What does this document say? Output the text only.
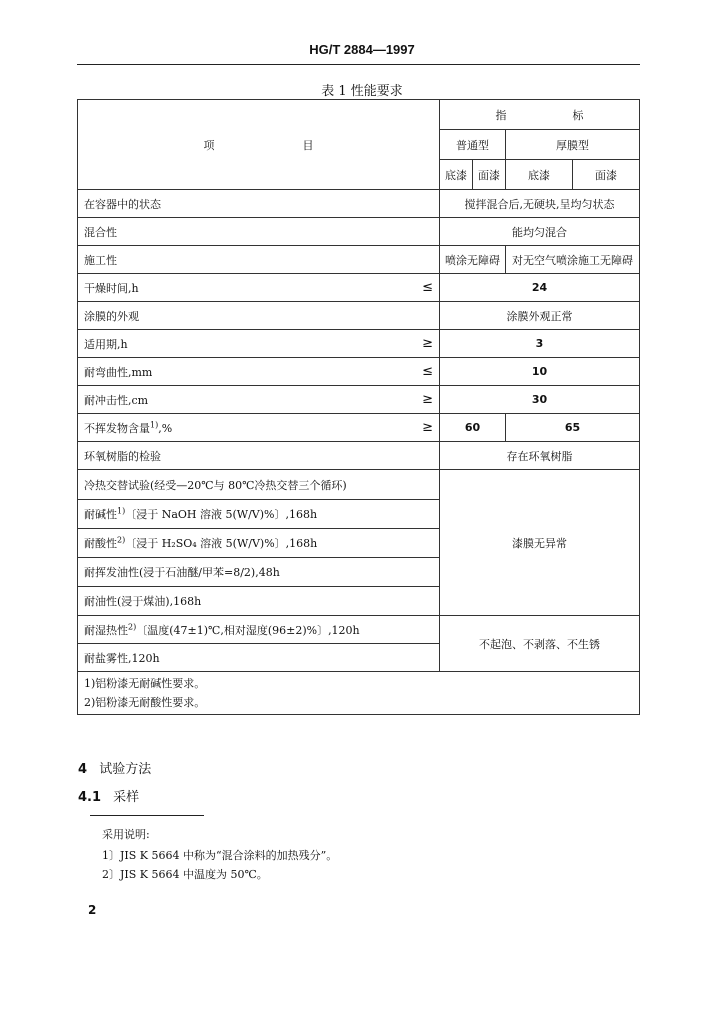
HG/T 2884—1997
表 1 性能要求
项　　　　　　　　目	指　　　　　　标			
	普通型		厚膜型	
	底漆	面漆	底漆	面漆
在容器中的状态	搅拌混合后,无硬块,呈均匀状态			
混合性	能均匀混合			
施工性	喷涂无障碍		对无空气喷涂施工无障碍	

干燥时间,h ≤	24			
涂膜的外观	涂膜外观正常			

适用期,h ≥	3			

耐弯曲性,mm ≤	10			

耐冲击性,cm ≥	30			

不挥发物含量$^{1)}$,% ≥	60		65	
环氧树脂的检验	存在环氧树脂			
冷热交替试验(经受—20℃与 80℃冷热交替三个循环)	漆膜无异常			
耐碱性$^{1)}$〔浸于 NaOH 溶液 5(W/V)%〕,168h				
耐酸性$^{2)}$〔浸于 H₂SO₄ 溶液 5(W/V)%〕,168h				
耐挥发油性(浸于石油醚/甲苯=8/2),48h				
耐油性(浸于煤油),168h				
耐湿热性$^{2)}$〔温度(47±1)℃,相对湿度(96±2)%〕,120h	不起泡、不剥落、不生锈			
耐盐雾性,120h				

1)铝粉漆无耐碱性要求。
2)铝粉漆无耐酸性要求。				
4 试验方法
4.1 采样
采用说明:
1〕JIS K 5664 中称为“混合涂料的加热残分”。
2〕JIS K 5664 中温度为 50℃。
2
